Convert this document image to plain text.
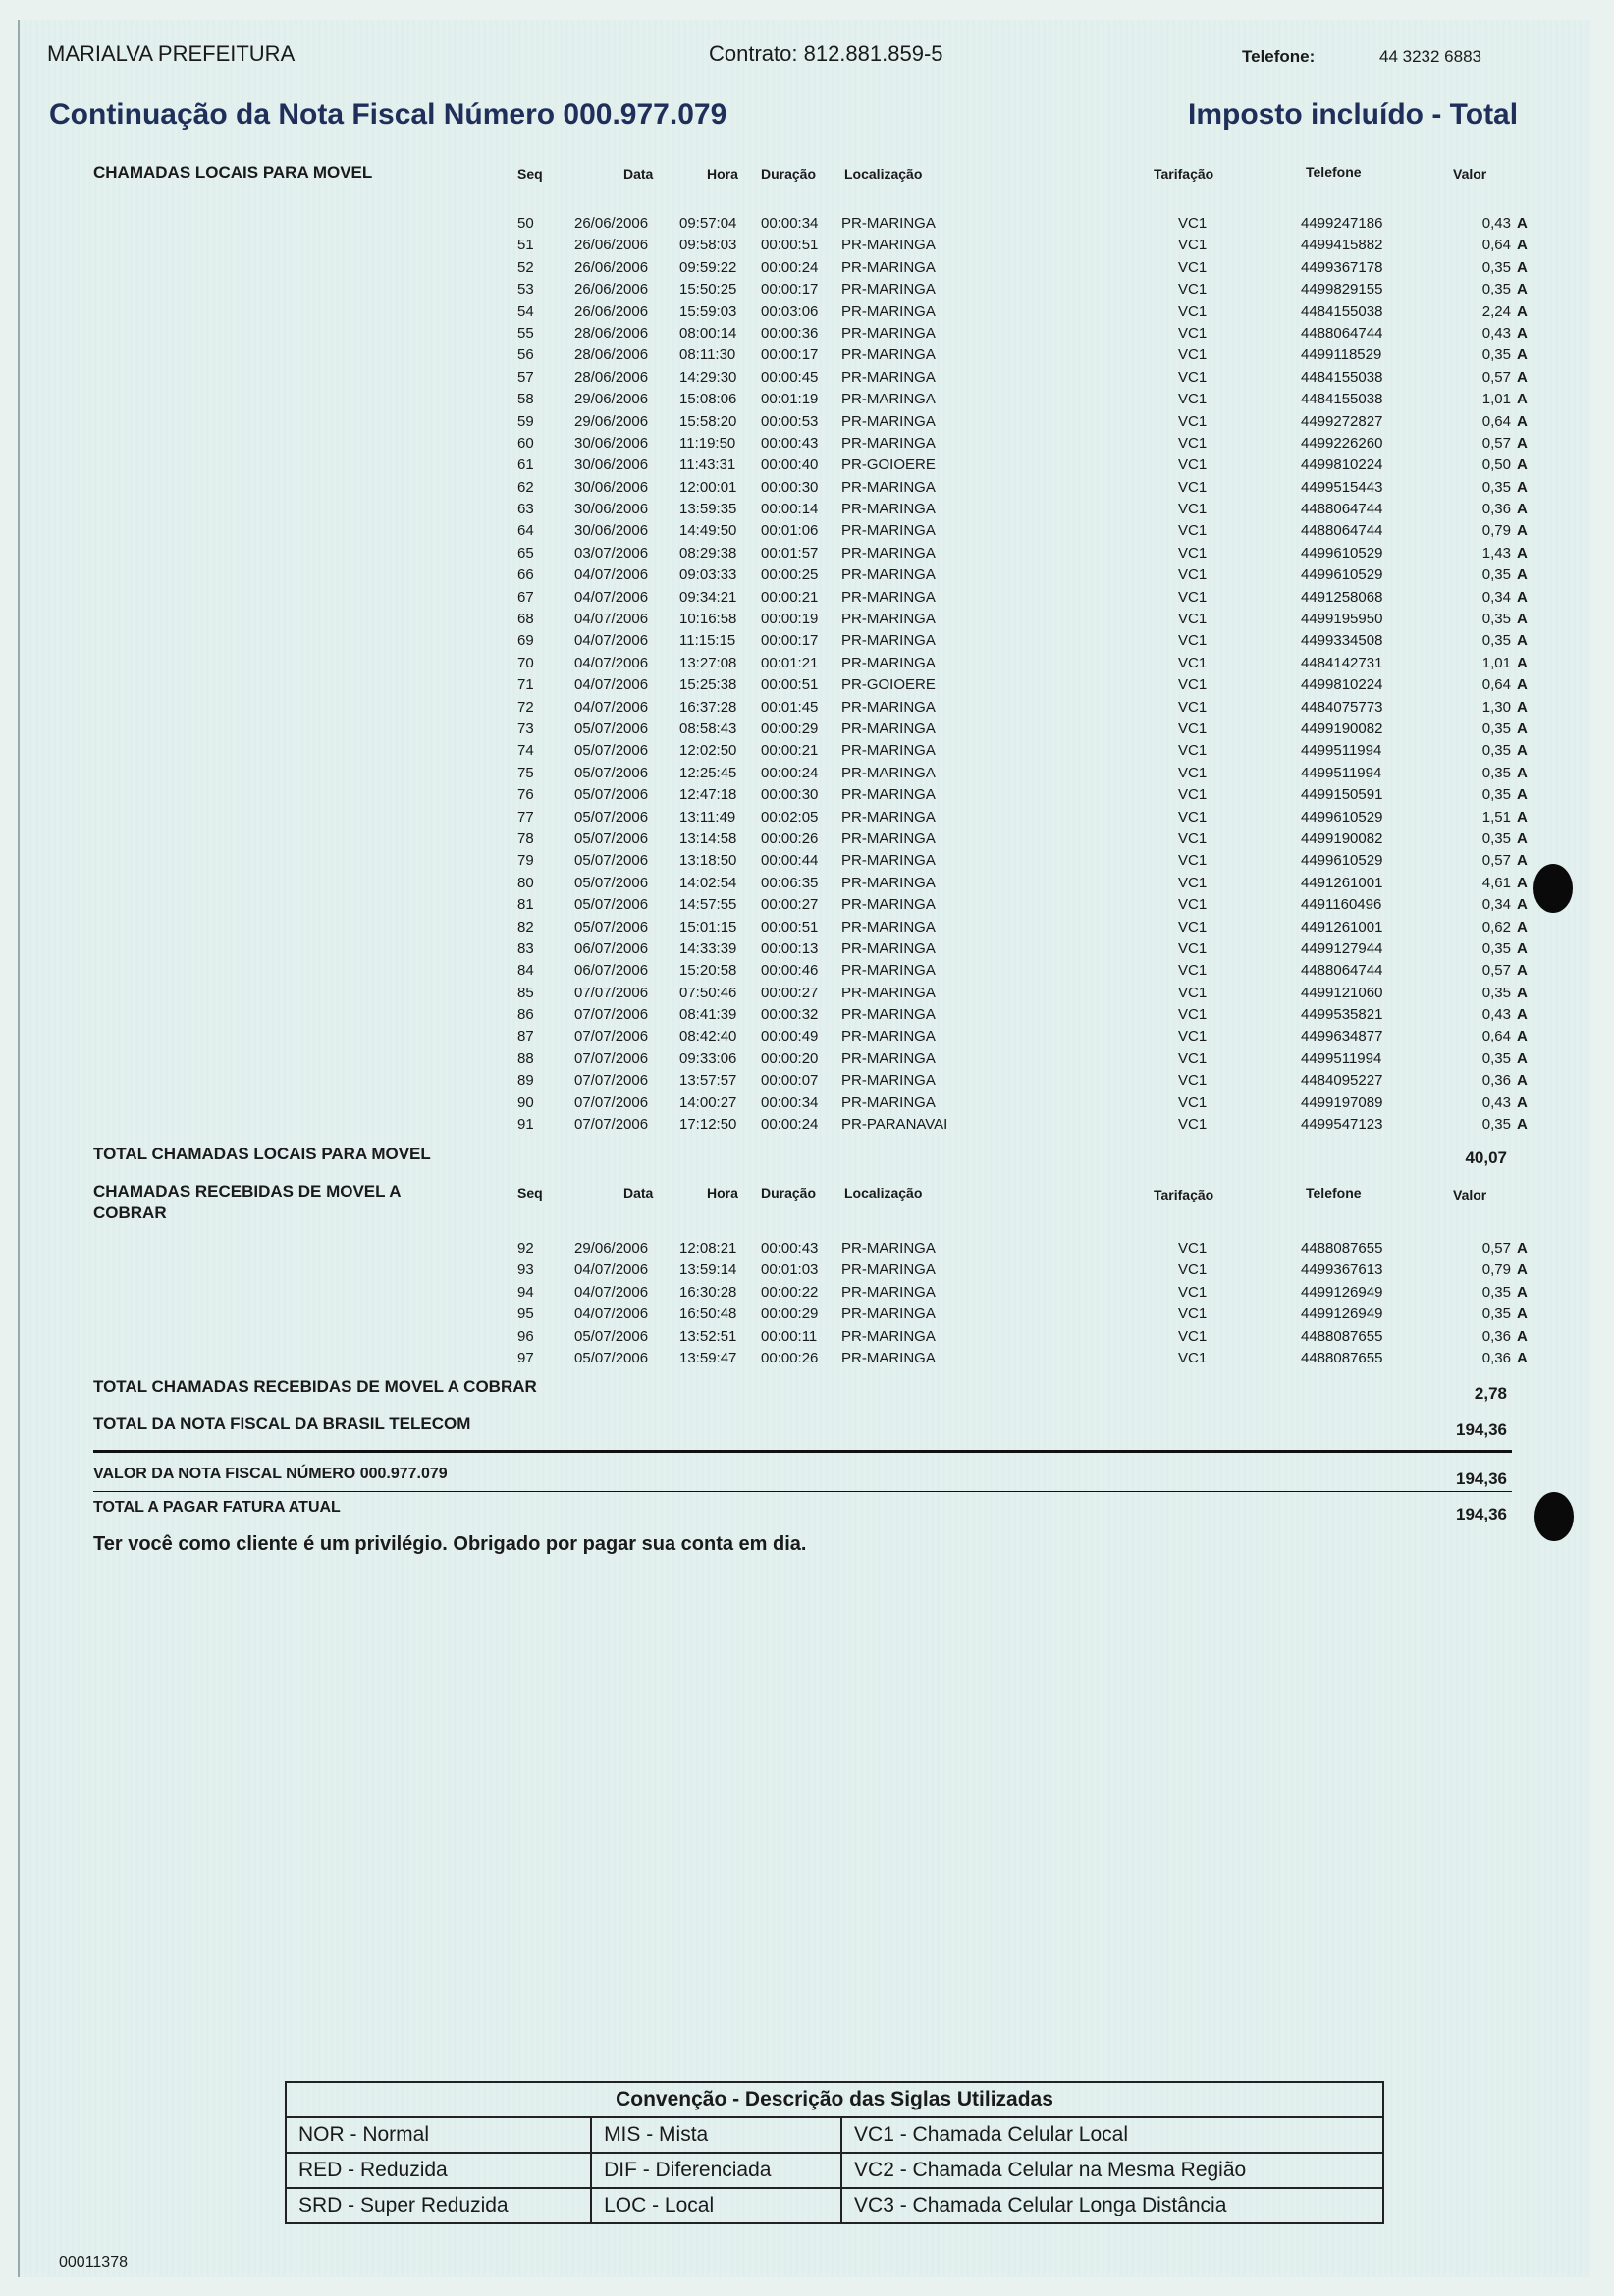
MARIALVA PREFEITURA	Contrato: 812.881.859-5	Telefone:	44 3232 6883
Continuação da Nota Fiscal Número 000.977.079	Imposto incluído - Total
CHAMADAS LOCAIS PARA MOVEL	Seq	Data	Hora Duração Localização	Tarifação	Telefone	Valor
50	26/06/2006 09:57:04 00:00:34 PR-MARINGA	VC1	4499247186	0,43 A
51	26/06/2006 09:58:03 00:00:51 PR-MARINGA	VC1	4499415882	0,64 A
52	26/06/2006 09:59:22 00:00:24 PR-MARINGA	VC1	4499367178	0,35 A
53	26/06/2006 15:50:25 00:00:17 PR-MARINGA	VC1	4499829155	0,35 A
54	26/06/2006 15:59:03 00:03:06 PR-MARINGA	VC1	4484155038	2,24 A
55	28/06/2006 08:00:14 00:00:36 PR-MARINGA	VC1	4488064744	0,43 A
56	28/06/2006 08:11:30 00:00:17 PR-MARINGA	VC1	4499118529	0,35 A
57	28/06/2006 14:29:30 00:00:45 PR-MARINGA	VC1	4484155038	0,57 A
58	29/06/2006 15:08:06 00:01:19 PR-MARINGA	VC1	4484155038	1,01 A
59	29/06/2006 15:58:20 00:00:53 PR-MARINGA	VC1	4499272827	0,64 A
60	30/06/2006 11:19:50 00:00:43 PR-MARINGA	VC1	4499226260	0,57 A
61	30/06/2006 11:43:31 00:00:40 PR-GOIOERE	VC1	4499810224	0,50 A
62	30/06/2006 12:00:01 00:00:30 PR-MARINGA	VC1	4499515443	0,35 A
63	30/06/2006 13:59:35 00:00:14 PR-MARINGA	VC1	4488064744	0,36 A
64	30/06/2006 14:49:50 00:01:06 PR-MARINGA	VC1	4488064744	0,79 A
65	03/07/2006 08:29:38 00:01:57 PR-MARINGA	VC1	4499610529	1,43 A
66	04/07/2006 09:03:33 00:00:25 PR-MARINGA	VC1	4499610529	0,35 A
67	04/07/2006 09:34:21 00:00:21 PR-MARINGA	VC1	4491258068	0,34 A
68	04/07/2006 10:16:58 00:00:19 PR-MARINGA	VC1	4499195950	0,35 A
69	04/07/2006 11:15:15 00:00:17 PR-MARINGA	VC1	4499334508	0,35 A
70	04/07/2006 13:27:08 00:01:21 PR-MARINGA	VC1	4484142731	1,01 A
71	04/07/2006 15:25:38 00:00:51 PR-GOIOERE	VC1	4499810224	0,64 A
72	04/07/2006 16:37:28 00:01:45 PR-MARINGA	VC1	4484075773	1,30 A
73	05/07/2006 08:58:43 00:00:29 PR-MARINGA	VC1	4499190082	0,35 A
74	05/07/2006 12:02:50 00:00:21 PR-MARINGA	VC1	4499511994	0,35 A
75	05/07/2006 12:25:45 00:00:24 PR-MARINGA	VC1	4499511994	0,35 A
76	05/07/2006 12:47:18 00:00:30 PR-MARINGA	VC1	4499150591	0,35 A
77	05/07/2006 13:11:49 00:02:05 PR-MARINGA	VC1	4499610529	1,51 A
78	05/07/2006 13:14:58 00:00:26 PR-MARINGA	VC1	4499190082	0,35 A
79	05/07/2006 13:18:50 00:00:44 PR-MARINGA	VC1	4499610529	0,57 A
80	05/07/2006 14:02:54 00:06:35 PR-MARINGA	VC1	4491261001	4,61 A
81	05/07/2006 14:57:55 00:00:27 PR-MARINGA	VC1	4491160496	0,34 A
82	05/07/2006 15:01:15 00:00:51 PR-MARINGA	VC1	4491261001	0,62 A
83	06/07/2006 14:33:39 00:00:13 PR-MARINGA	VC1	4499127944	0,35 A
84	06/07/2006 15:20:58 00:00:46 PR-MARINGA	VC1	4488064744	0,57 A
85	07/07/2006 07:50:46 00:00:27 PR-MARINGA	VC1	4499121060	0,35 A
86	07/07/2006 08:41:39 00:00:32 PR-MARINGA	VC1	4499535821	0,43 A
87	07/07/2006 08:42:40 00:00:49 PR-MARINGA	VC1	4499634877	0,64 A
88	07/07/2006 09:33:06 00:00:20 PR-MARINGA	VC1	4499511994	0,35 A
89	07/07/2006 13:57:57 00:00:07 PR-MARINGA	VC1	4484095227	0,36 A
90	07/07/2006 14:00:27 00:00:34 PR-MARINGA	VC1	4499197089	0,43 A
91	07/07/2006 17:12:50 00:00:24 PR-PARANAVAI	VC1	4499547123	0,35 A
TOTAL CHAMADAS LOCAIS PARA MOVEL	40,07
CHAMADAS RECEBIDAS DE MOVEL A COBRAR
Seq	Data	Hora Duração Localização	Tarifação	Telefone	Valor
92	29/06/2006 12:08:21 00:00:43 PR-MARINGA	VC1	4488087655	0,57 A
93	04/07/2006 13:59:14 00:01:03 PR-MARINGA	VC1	4499367613	0,79 A
94	04/07/2006 16:30:28 00:00:22 PR-MARINGA	VC1	4499126949	0,35 A
95	04/07/2006 16:50:48 00:00:29 PR-MARINGA	VC1	4499126949	0,35 A
96	05/07/2006 13:52:51 00:00:11 PR-MARINGA	VC1	4488087655	0,36 A
97	05/07/2006 13:59:47 00:00:26 PR-MARINGA	VC1	4488087655	0,36 A
TOTAL CHAMADAS RECEBIDAS DE MOVEL A COBRAR	2,78
TOTAL DA NOTA FISCAL DA BRASIL TELECOM	194,36
VALOR DA NOTA FISCAL NÚMERO 000.977.079	194,36
TOTAL A PAGAR FATURA ATUAL	194,36
Ter você como cliente é um privilégio. Obrigado por pagar sua conta em dia.
Convenção - Descrição das Siglas Utilizadas		
NOR - Normal	MIS - Mista	VC1 - Chamada Celular Local
RED - Reduzida	DIF - Diferenciada	VC2 - Chamada Celular na Mesma Região
SRD - Super Reduzida	LOC - Local	VC3 - Chamada Celular Longa Distância
00011378
